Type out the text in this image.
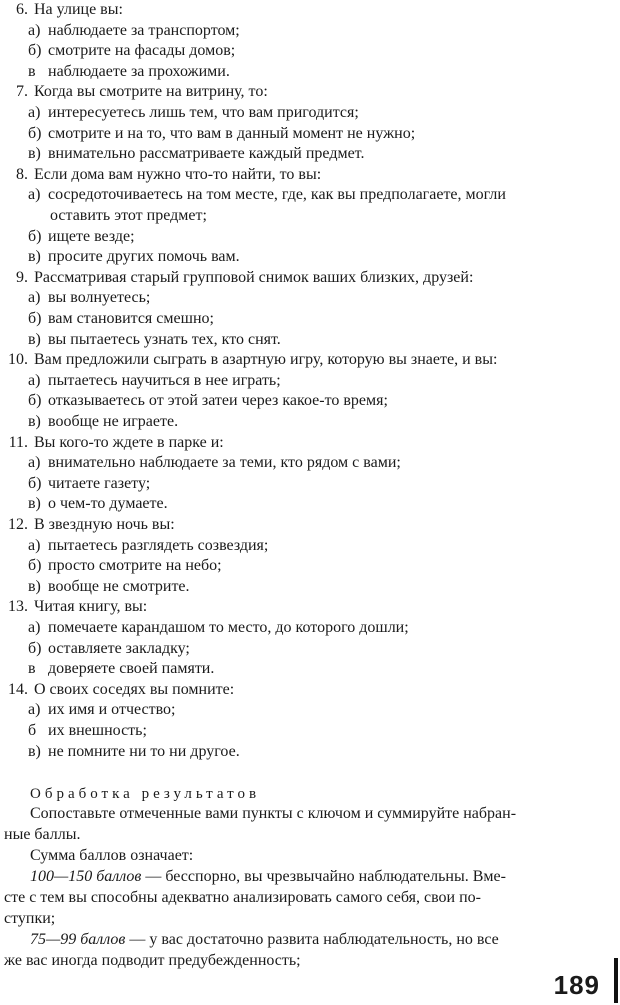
6. На улице вы:
а) наблюдаете за транспортом;
б) смотрите на фасады домов;
в наблюдаете за прохожими.
7. Когда вы смотрите на витрину, то:
а) интересуетесь лишь тем, что вам пригодится;
б) смотрите и на то, что вам в данный момент не нужно;
в) внимательно рассматриваете каждый предмет.
8. Если дома вам нужно что-то найти, то вы:
а) сосредоточиваетесь на том месте, где, как вы предполагаете, могли
оставить этот предмет;
б) ищете везде;
в) просите других помочь вам.
9. Рассматривая старый групповой снимок ваших близких, друзей:
а) вы волнуетесь;
б) вам становится смешно;
в) вы пытаетесь узнать тех, кто снят.
10. Вам предложили сыграть в азартную игру, которую вы знаете, и вы:
а) пытаетесь научиться в нее играть;
б) отказываетесь от этой затеи через какое-то время;
в) вообще не играете.
11. Вы кого-то ждете в парке и:
а) внимательно наблюдаете за теми, кто рядом с вами;
б) читаете газету;
в) о чем-то думаете.
12. В звездную ночь вы:
а) пытаетесь разглядеть созвездия;
б) просто смотрите на небо;
в) вообще не смотрите.
13. Читая книгу, вы:
а) помечаете карандашом то место, до которого дошли;
б) оставляете закладку;
в доверяете своей памяти.
14. О своих соседях вы помните:
а) их имя и отчество;
б их внешность;
в) не помните ни то ни другое.
Обработка результатов
Сопоставьте отмеченные вами пункты с ключом и суммируйте набран-
ные баллы.
Сумма баллов означает:
100—150 баллов — бесспорно, вы чрезвычайно наблюдательны. Вме-
сте с тем вы способны адекватно анализировать самого себя, свои по-
ступки;
75—99 баллов — у вас достаточно развита наблюдательность, но все
же вас иногда подводит предубежденность;
189
